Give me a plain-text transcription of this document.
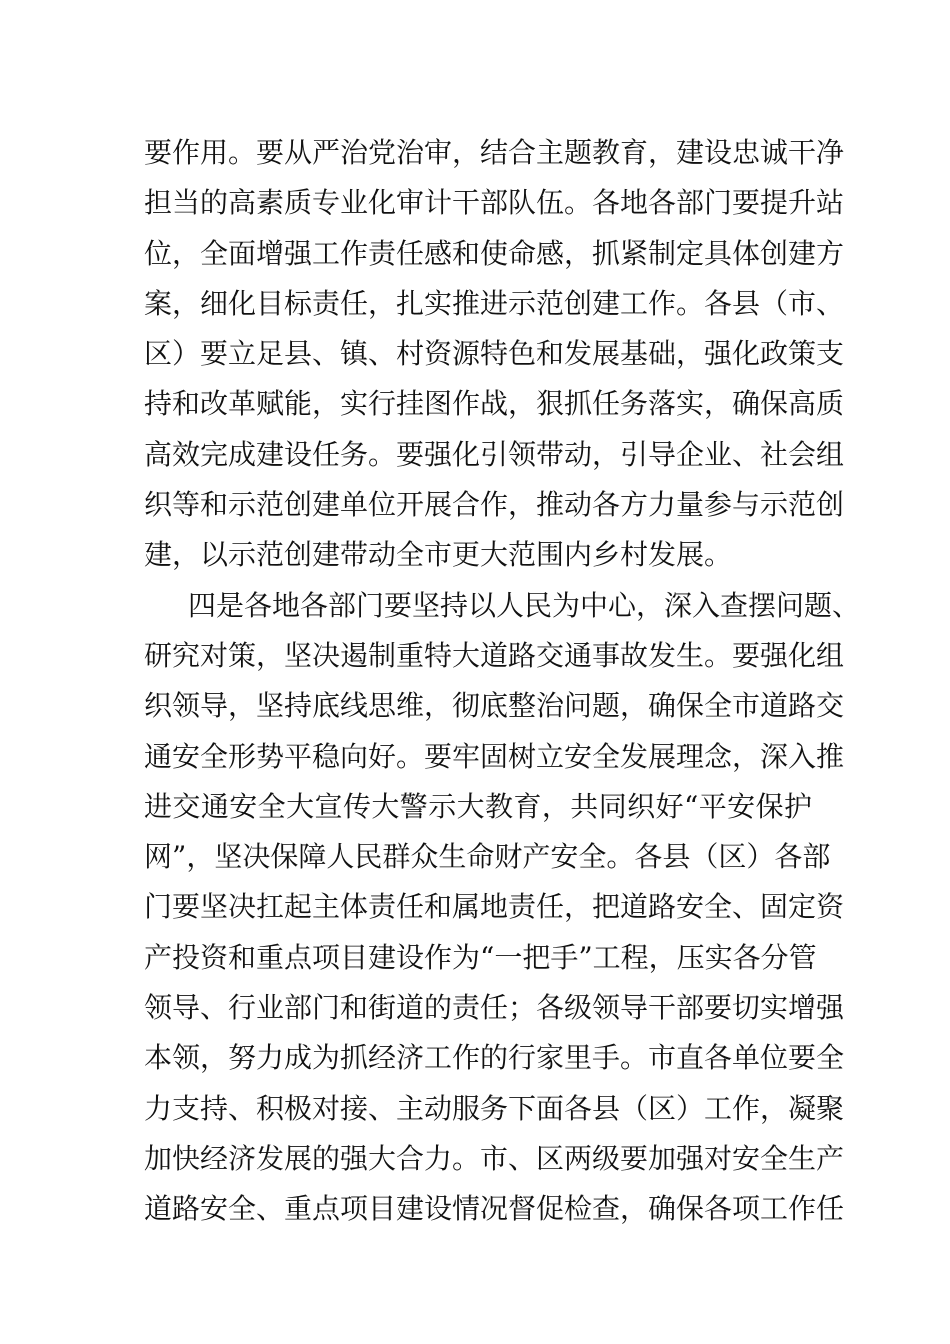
要作用。要从严治党治审，结合主题教育，建设忠诚干净
担当的高素质专业化审计干部队伍。各地各部门要提升站
位，全面增强工作责任感和使命感，抓紧制定具体创建方
案，细化目标责任，扎实推进示范创建工作。各县（市、
区）要立足县、镇、村资源特色和发展基础，强化政策支
持和改革赋能，实行挂图作战，狠抓任务落实，确保高质
高效完成建设任务。要强化引领带动，引导企业、社会组
织等和示范创建单位开展合作，推动各方力量参与示范创
建，以示范创建带动全市更大范围内乡村发展。
四是各地各部门要坚持以人民为中心，深入查摆问题、
研究对策，坚决遏制重特大道路交通事故发生。要强化组
织领导，坚持底线思维，彻底整治问题，确保全市道路交
通安全形势平稳向好。要牢固树立安全发展理念，深入推
进交通安全大宣传大警示大教育，共同织好“平安保护
网”，坚决保障人民群众生命财产安全。各县（区）各部
门要坚决扛起主体责任和属地责任，把道路安全、固定资
产投资和重点项目建设作为“一把手”工程，压实各分管
领导、行业部门和街道的责任；各级领导干部要切实增强
本领，努力成为抓经济工作的行家里手。市直各单位要全
力支持、积极对接、主动服务下面各县（区）工作，凝聚
加快经济发展的强大合力。市、区两级要加强对安全生产
道路安全、重点项目建设情况督促检查，确保各项工作任
